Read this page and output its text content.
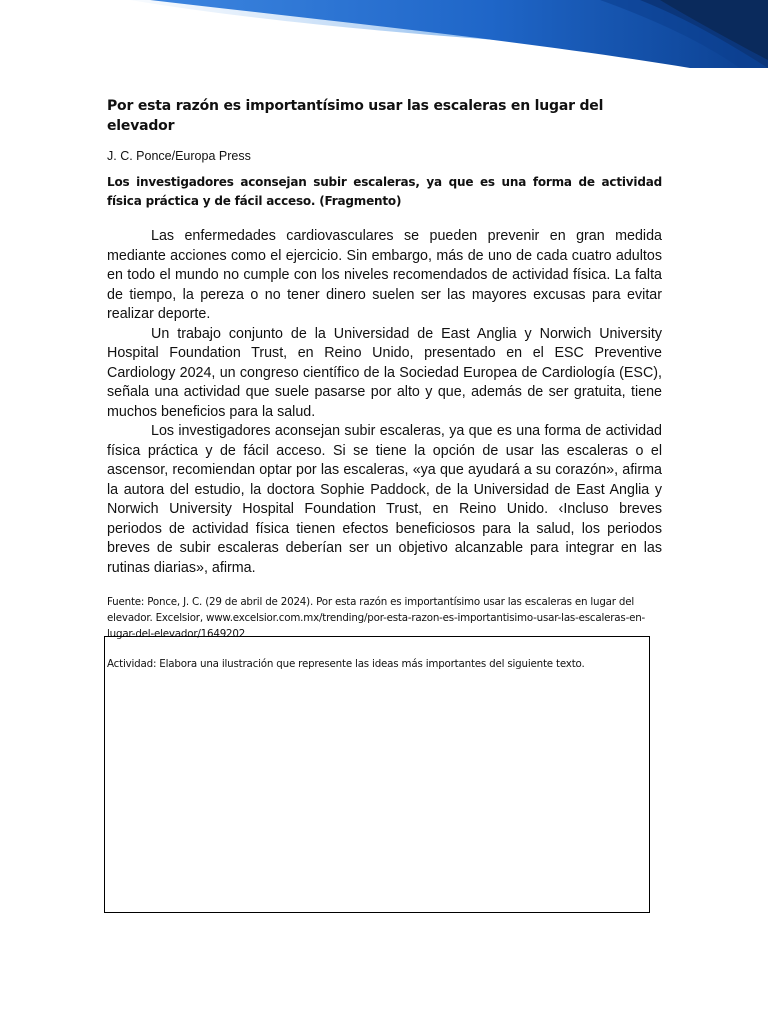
Por esta razón es importantísimo usar las escaleras en lugar del elevador

J. C. Ponce/Europa Press

Los investigadores aconsejan subir escaleras, ya que es una forma de actividad física práctica y de fácil acceso. (Fragmento)

Las enfermedades cardiovasculares se pueden prevenir en gran medida mediante acciones como el ejercicio. Sin embargo, más de uno de cada cuatro adultos en todo el mundo no cumple con los niveles recomendados de actividad física. La falta de tiempo, la pereza o no tener dinero suelen ser las mayores excusas para evitar realizar deporte.

Un trabajo conjunto de la Universidad de East Anglia y Norwich University Hospital Foundation Trust, en Reino Unido, presentado en el ESC Preventive Cardiology 2024, un congreso científico de la Sociedad Europea de Cardiología (ESC), señala una actividad que suele pasarse por alto y que, además de ser gratuita, tiene muchos beneficios para la salud.

Los investigadores aconsejan subir escaleras, ya que es una forma de actividad física práctica y de fácil acceso. Si se tiene la opción de usar las escaleras o el ascensor, recomiendan optar por las escaleras, «ya que ayudará a su corazón», afirma la autora del estudio, la doctora Sophie Paddock, de la Universidad de East Anglia y Norwich University Hospital Foundation Trust, en Reino Unido. ‹Incluso breves periodos de actividad física tienen efectos beneficiosos para la salud, los periodos breves de subir escaleras deberían ser un objetivo alcanzable para integrar en las rutinas diarias», afirma.

Fuente: Ponce, J. C. (29 de abril de 2024). Por esta razón es importantísimo usar las escaleras en lugar del elevador. Excelsior, www.excelsior.com.mx/trending/por-esta-razon-es-importantisimo-usar-las-escaleras-en-lugar-del-elevador/1649202

Actividad: Elabora una ilustración que represente las ideas más importantes del siguiente texto.
